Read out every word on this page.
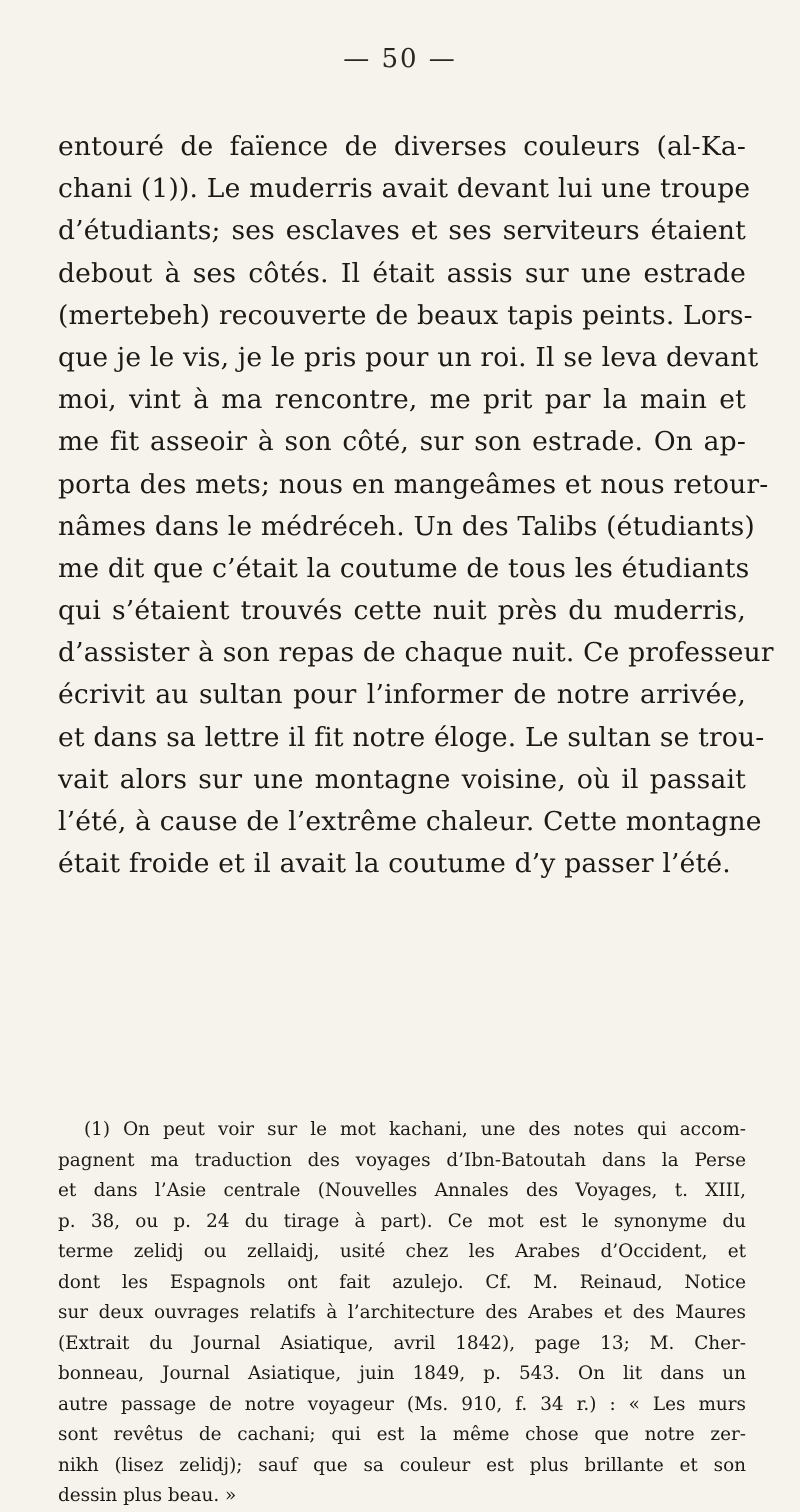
— 50 —
entouré de faïence de diverses couleurs (al-Ka-
chani (1)). Le muderris avait devant lui une troupe
d’étudiants; ses esclaves et ses serviteurs étaient
debout à ses côtés. Il était assis sur une estrade
(mertebeh) recouverte de beaux tapis peints. Lors-
que je le vis, je le pris pour un roi. Il se leva devant
moi, vint à ma rencontre, me prit par la main et
me fit asseoir à son côté, sur son estrade. On ap-
porta des mets; nous en mangeâmes et nous retour-
nâmes dans le médréceh. Un des Talibs (étudiants)
me dit que c’était la coutume de tous les étudiants
qui s’étaient trouvés cette nuit près du muderris,
d’assister à son repas de chaque nuit. Ce professeur
écrivit au sultan pour l’informer de notre arrivée,
et dans sa lettre il fit notre éloge. Le sultan se trou-
vait alors sur une montagne voisine, où il passait
l’été, à cause de l’extrême chaleur. Cette montagne
était froide et il avait la coutume d’y passer l’été.
(1) On peut voir sur le mot kachani, une des notes qui accom-
pagnent ma traduction des voyages d’Ibn-Batoutah dans la Perse
et dans l’Asie centrale (Nouvelles Annales des Voyages, t. XIII,
p. 38, ou p. 24 du tirage à part). Ce mot est le synonyme du
terme zelidj ou zellaidj, usité chez les Arabes d’Occident, et
dont les Espagnols ont fait azulejo. Cf. M. Reinaud, Notice
sur deux ouvrages relatifs à l’architecture des Arabes et des Maures
(Extrait du Journal Asiatique, avril 1842), page 13; M. Cher-
bonneau, Journal Asiatique, juin 1849, p. 543. On lit dans un
autre passage de notre voyageur (Ms. 910, f. 34 r.) : « Les murs
sont revêtus de cachani; qui est la même chose que notre zer-
nikh (lisez zelidj); sauf que sa couleur est plus brillante et son
dessin plus beau. »
